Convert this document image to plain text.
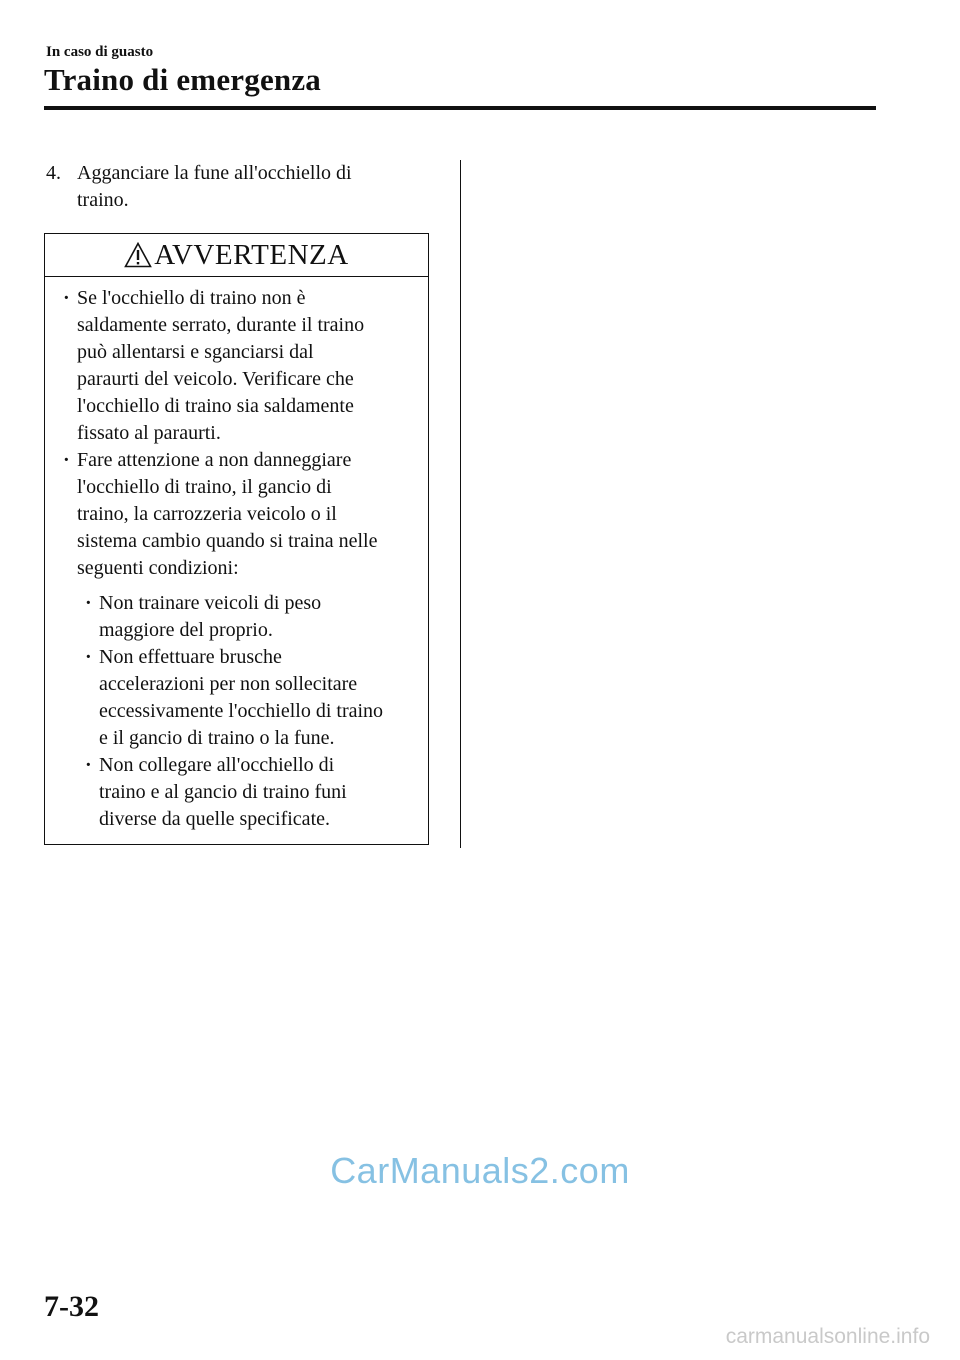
In caso di guasto
Traino di emergenza
4. Agganciare la fune all'occhiello di
traino.
AVVERTENZA
· Se l'occhiello di traino non è
saldamente serrato, durante il traino
può allentarsi e sganciarsi dal
paraurti del veicolo. Verificare che
l'occhiello di traino sia saldamente
fissato al paraurti.
· Fare attenzione a non danneggiare
l'occhiello di traino, il gancio di
traino, la carrozzeria veicolo o il
sistema cambio quando si traina nelle
seguenti condizioni:
· Non trainare veicoli di peso
maggiore del proprio.
· Non effettuare brusche
accelerazioni per non sollecitare
eccessivamente l'occhiello di traino
e il gancio di traino o la fune.
· Non collegare all'occhiello di
traino e al gancio di traino funi
diverse da quelle specificate.
CarManuals2.com
7-32
carmanualsonline.info
